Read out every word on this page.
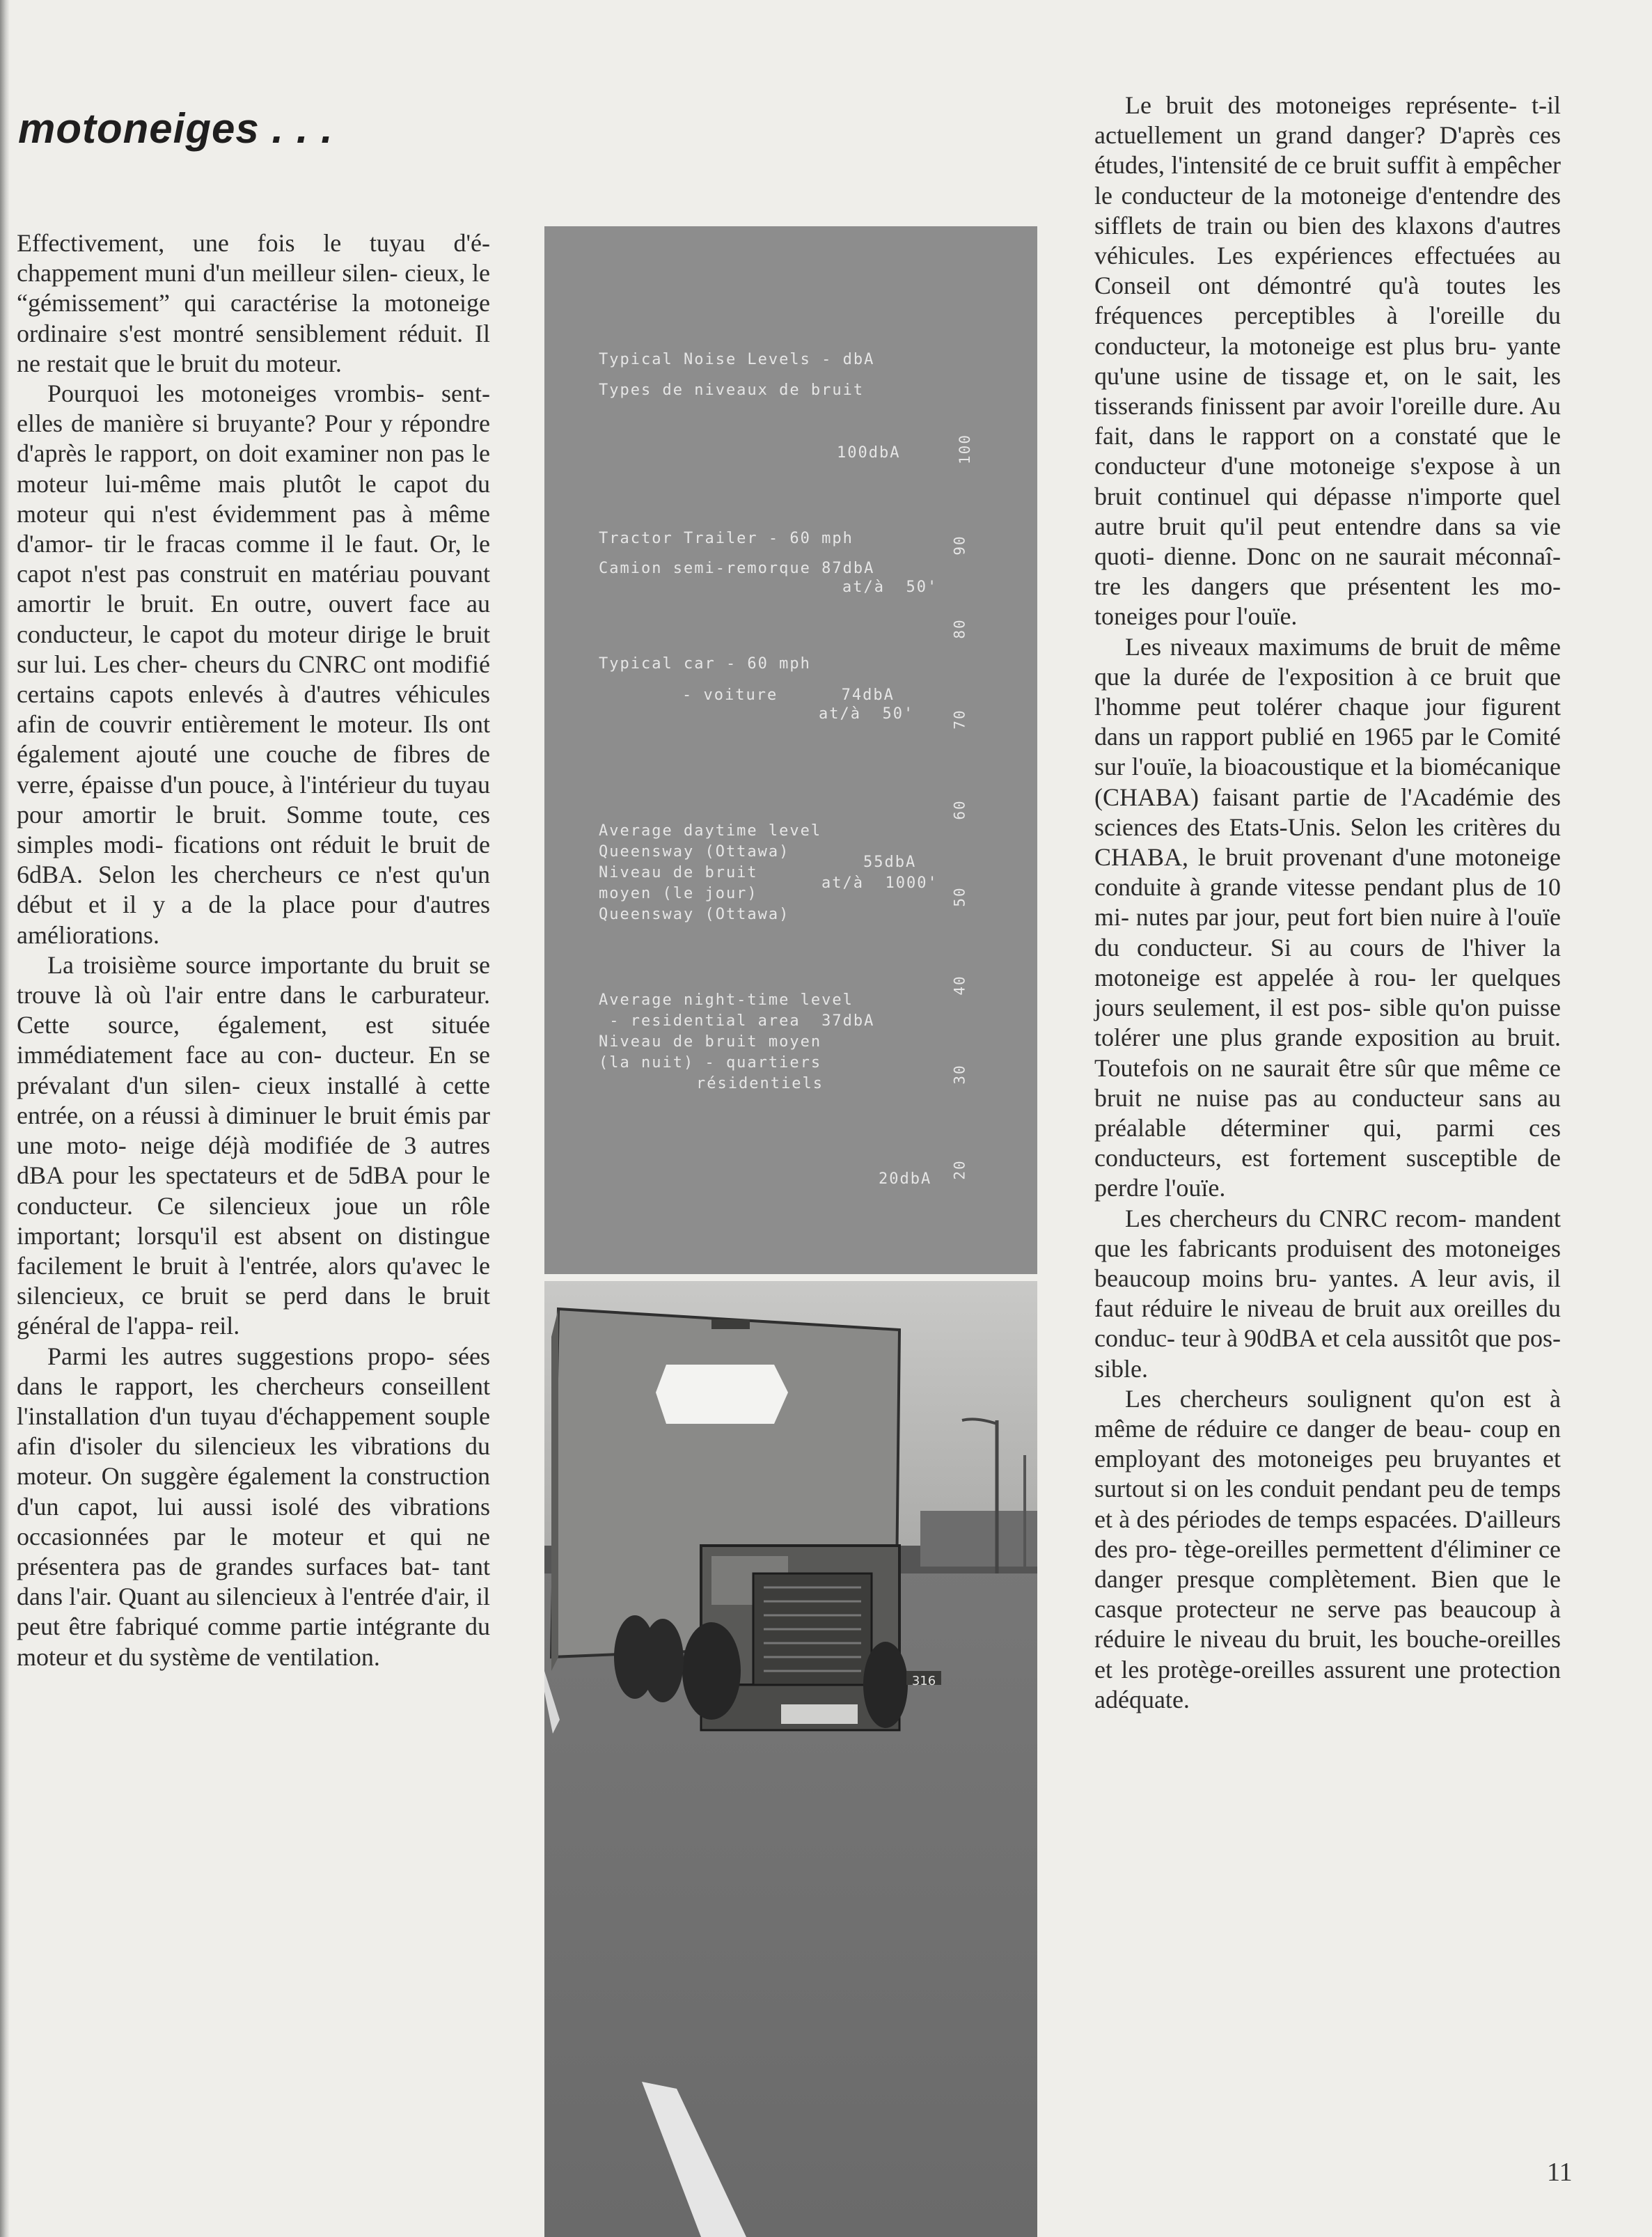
motoneiges . . .

Effectivement, une fois le tuyau d'é- chappement muni d'un meilleur silen- cieux, le “gémissement” qui caractérise la motoneige ordinaire s'est montré sensiblement réduit. Il ne restait que le bruit du moteur.

Pourquoi les motoneiges vrombis- sent-elles de manière si bruyante? Pour y répondre d'après le rapport, on doit examiner non pas le moteur lui-même mais plutôt le capot du moteur qui n'est évidemment pas à même d'amor- tir le fracas comme il le faut. Or, le capot n'est pas construit en matériau pouvant amortir le bruit. En outre, ouvert face au conducteur, le capot du moteur dirige le bruit sur lui. Les cher- cheurs du CNRC ont modifié certains capots enlevés à d'autres véhicules afin de couvrir entièrement le moteur. Ils ont également ajouté une couche de fibres de verre, épaisse d'un pouce, à l'intérieur du tuyau pour amortir le bruit. Somme toute, ces simples modi- fications ont réduit le bruit de 6dBA. Selon les chercheurs ce n'est qu'un début et il y a de la place pour d'autres améliorations.

La troisième source importante du bruit se trouve là où l'air entre dans le carburateur. Cette source, également, est située immédiatement face au con- ducteur. En se prévalant d'un silen- cieux installé à cette entrée, on a réussi à diminuer le bruit émis par une moto- neige déjà modifiée de 3 autres dBA pour les spectateurs et de 5dBA pour le conducteur. Ce silencieux joue un rôle important; lorsqu'il est absent on distingue facilement le bruit à l'entrée, alors qu'avec le silencieux, ce bruit se perd dans le bruit général de l'appa- reil.

Parmi les autres suggestions propo- sées dans le rapport, les chercheurs conseillent l'installation d'un tuyau d'échappement souple afin d'isoler du silencieux les vibrations du moteur. On suggère également la construction d'un capot, lui aussi isolé des vibrations occasionnées par le moteur et qui ne présentera pas de grandes surfaces bat- tant dans l'air. Quant au silencieux à l'entrée d'air, il peut être fabriqué comme partie intégrante du moteur et du système de ventilation.

Typical Noise Levels - dbA
Types de niveaux de bruit
100dbA
Tractor Trailer - 60 mph
Camion semi-remorque 87dbA
at/à  50'
Typical car - 60 mph
- voiture      74dbA
at/à  50'
Average daytime level
Queensway (Ottawa)
Niveau de bruit
moyen (le jour)
Queensway (Ottawa)
55dbA
at/à  1000'
Average night-time level
- residential area  37dbA
Niveau de bruit moyen
(la nuit) - quartiers
résidentiels
20dbA
100
90
80
70
60
50
40
30
20
316

Le bruit des motoneiges représente- t-il actuellement un grand danger? D'après ces études, l'intensité de ce bruit suffit à empêcher le conducteur de la motoneige d'entendre des sifflets de train ou bien des klaxons d'autres véhicules. Les expériences effectuées au Conseil ont démontré qu'à toutes les fréquences perceptibles à l'oreille du conducteur, la motoneige est plus bru- yante qu'une usine de tissage et, on le sait, les tisserands finissent par avoir l'oreille dure. Au fait, dans le rapport on a constaté que le conducteur d'une motoneige s'expose à un bruit continuel qui dépasse n'importe quel autre bruit qu'il peut entendre dans sa vie quoti- dienne. Donc on ne saurait méconnaî- tre les dangers que présentent les mo- toneiges pour l'ouïe.

Les niveaux maximums de bruit de même que la durée de l'exposition à ce bruit que l'homme peut tolérer chaque jour figurent dans un rapport publié en 1965 par le Comité sur l'ouïe, la bioacoustique et la biomécanique (CHABA) faisant partie de l'Académie des sciences des Etats-Unis. Selon les critères du CHABA, le bruit provenant d'une motoneige conduite à grande vitesse pendant plus de 10 mi- nutes par jour, peut fort bien nuire à l'ouïe du conducteur. Si au cours de l'hiver la motoneige est appelée à rou- ler quelques jours seulement, il est pos- sible qu'on puisse tolérer une plus grande exposition au bruit. Toutefois on ne saurait être sûr que même ce bruit ne nuise pas au conducteur sans au préalable déterminer qui, parmi ces conducteurs, est fortement susceptible de perdre l'ouïe.

Les chercheurs du CNRC recom- mandent que les fabricants produisent des motoneiges beaucoup moins bru- yantes. A leur avis, il faut réduire le niveau de bruit aux oreilles du conduc- teur à 90dBA et cela aussitôt que pos- sible.

Les chercheurs soulignent qu'on est à même de réduire ce danger de beau- coup en employant des motoneiges peu bruyantes et surtout si on les conduit pendant peu de temps et à des périodes de temps espacées. D'ailleurs des pro- tège-oreilles permettent d'éliminer ce danger presque complètement. Bien que le casque protecteur ne serve pas beaucoup à réduire le niveau du bruit, les bouche-oreilles et les protège-oreilles assurent une protection adéquate.

11
